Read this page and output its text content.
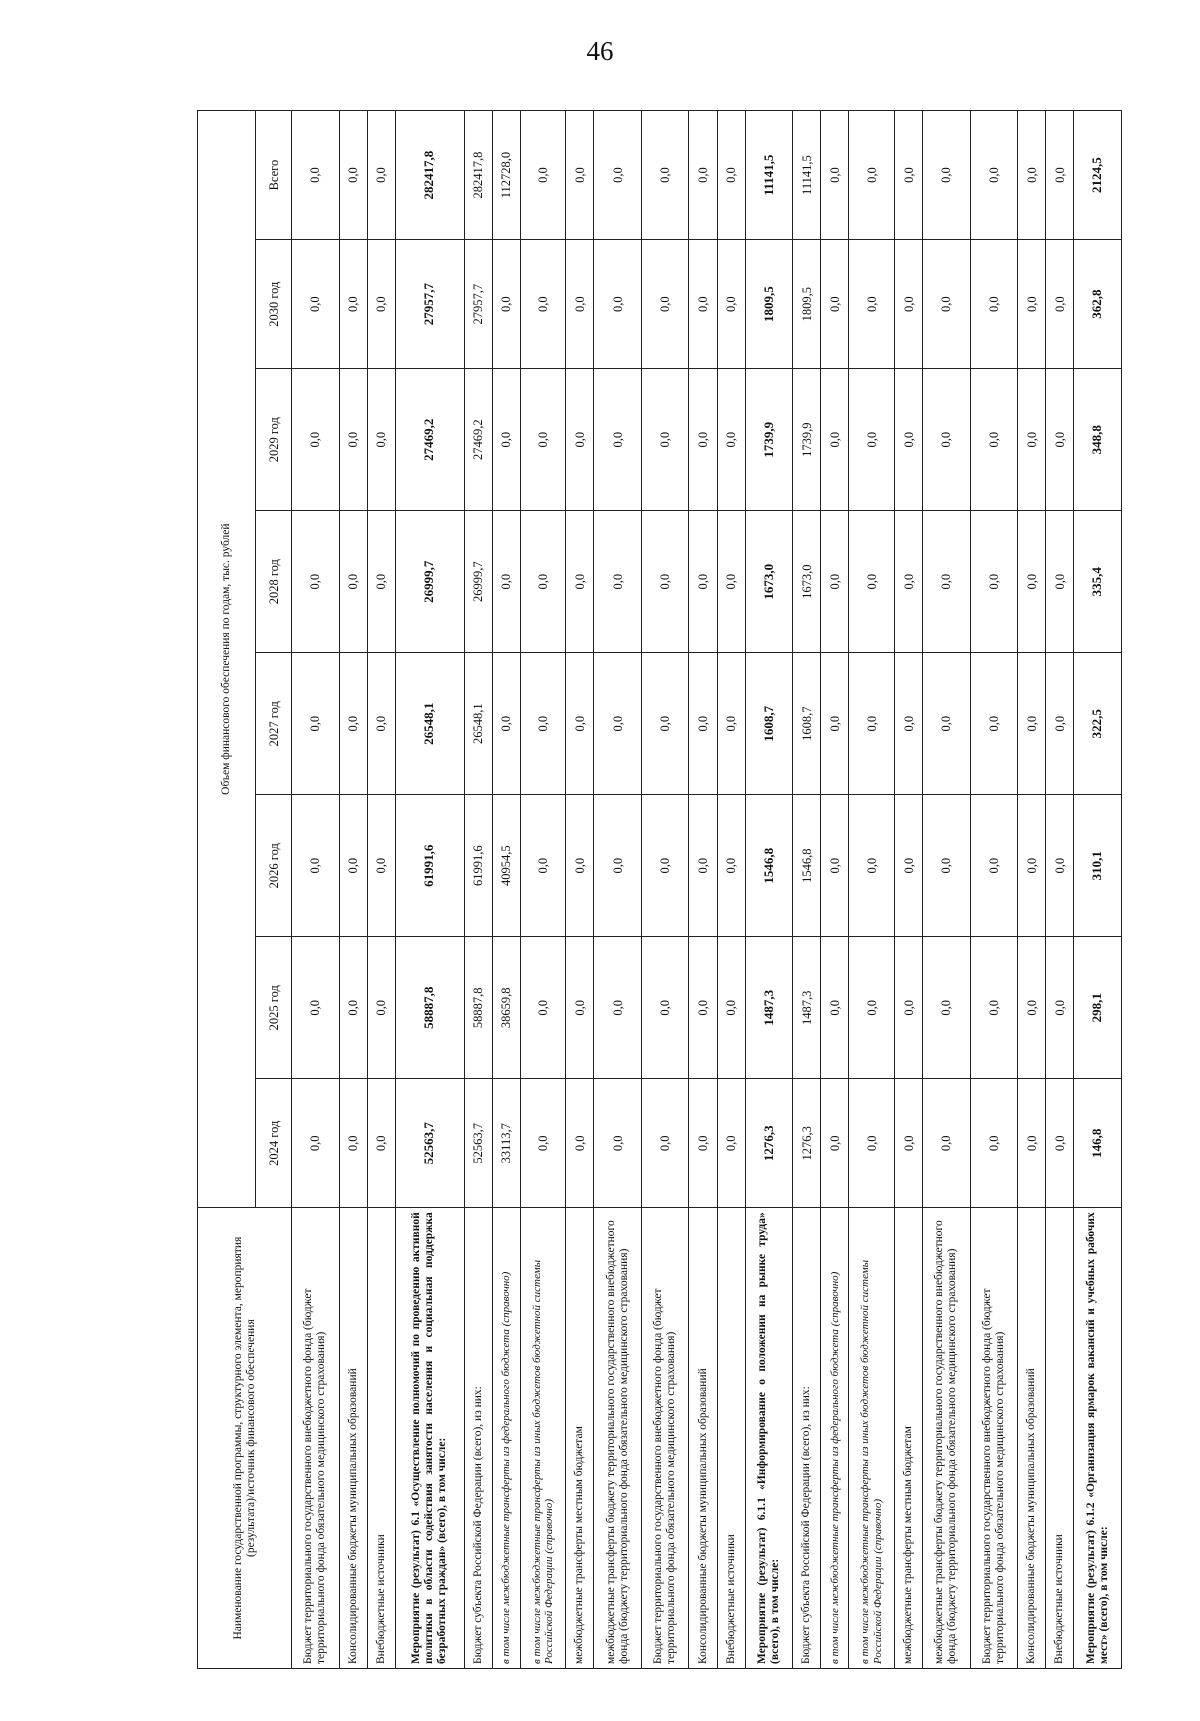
46
Наименование государственной программы, структурного элемента, мероприятия (результата)/источник финансового обеспечения	Объем финансового обеспечения по годам, тыс. рублей							
	2024 год	2025 год	2026 год	2027 год	2028 год	2029 год	2030 год	Всего
Бюджет территориального государственного внебюджетного фонда (бюджет территориального фонда обязательного медицинского страхования)	0,0	0,0	0,0	0,0	0,0	0,0	0,0	0,0
Консолидированные бюджеты муниципальных образований	0,0	0,0	0,0	0,0	0,0	0,0	0,0	0,0
Внебюджетные источники	0,0	0,0	0,0	0,0	0,0	0,0	0,0	0,0
Мероприятие (результат) 6.1 «Осуществление полномочий по проведению активной политики в области содействия занятости населения и социальная поддержка безработных граждан» (всего), в том числе:	52563,7	58887,8	61991,6	26548,1	26999,7	27469,2	27957,7	282417,8
Бюджет субъекта Российской Федерации (всего), из них:	52563,7	58887,8	61991,6	26548,1	26999,7	27469,2	27957,7	282417,8
в том числе межбюджетные трансферты из федерального бюджета (справочно)	33113,7	38659,8	40954,5	0,0	0,0	0,0	0,0	112728,0
в том числе межбюджетные трансферты из иных бюджетов бюджетной системы Российской Федерации (справочно)	0,0	0,0	0,0	0,0	0,0	0,0	0,0	0,0
межбюджетные трансферты местным бюджетам	0,0	0,0	0,0	0,0	0,0	0,0	0,0	0,0
межбюджетные трансферты бюджету территориального государственного внебюджетного фонда (бюджету территориального фонда обязательного медицинского страхования)	0,0	0,0	0,0	0,0	0,0	0,0	0,0	0,0
Бюджет территориального государственного внебюджетного фонда (бюджет территориального фонда обязательного медицинского страхования)	0,0	0,0	0,0	0,0	0,0	0,0	0,0	0,0
Консолидированные бюджеты муниципальных образований	0,0	0,0	0,0	0,0	0,0	0,0	0,0	0,0
Внебюджетные источники	0,0	0,0	0,0	0,0	0,0	0,0	0,0	0,0
Мероприятие (результат) 6.1.1 «Информирование о положении на рынке труда» (всего), в том числе:	1276,3	1487,3	1546,8	1608,7	1673,0	1739,9	1809,5	11141,5
Бюджет субъекта Российской Федерации (всего), из них:	1276,3	1487,3	1546,8	1608,7	1673,0	1739,9	1809,5	11141,5
в том числе межбюджетные трансферты из федерального бюджета (справочно)	0,0	0,0	0,0	0,0	0,0	0,0	0,0	0,0
в том числе межбюджетные трансферты из иных бюджетов бюджетной системы Российской Федерации (справочно)	0,0	0,0	0,0	0,0	0,0	0,0	0,0	0,0
межбюджетные трансферты местным бюджетам	0,0	0,0	0,0	0,0	0,0	0,0	0,0	0,0
межбюджетные трансферты бюджету территориального государственного внебюджетного фонда (бюджету территориального фонда обязательного медицинского страхования)	0,0	0,0	0,0	0,0	0,0	0,0	0,0	0,0
Бюджет территориального государственного внебюджетного фонда (бюджет территориального фонда обязательного медицинского страхования)	0,0	0,0	0,0	0,0	0,0	0,0	0,0	0,0
Консолидированные бюджеты муниципальных образований	0,0	0,0	0,0	0,0	0,0	0,0	0,0	0,0
Внебюджетные источники	0,0	0,0	0,0	0,0	0,0	0,0	0,0	0,0
Мероприятие (результат) 6.1.2 «Организация ярмарок вакансий и учебных рабочих мест» (всего), в том числе:	146,8	298,1	310,1	322,5	335,4	348,8	362,8	2124,5
